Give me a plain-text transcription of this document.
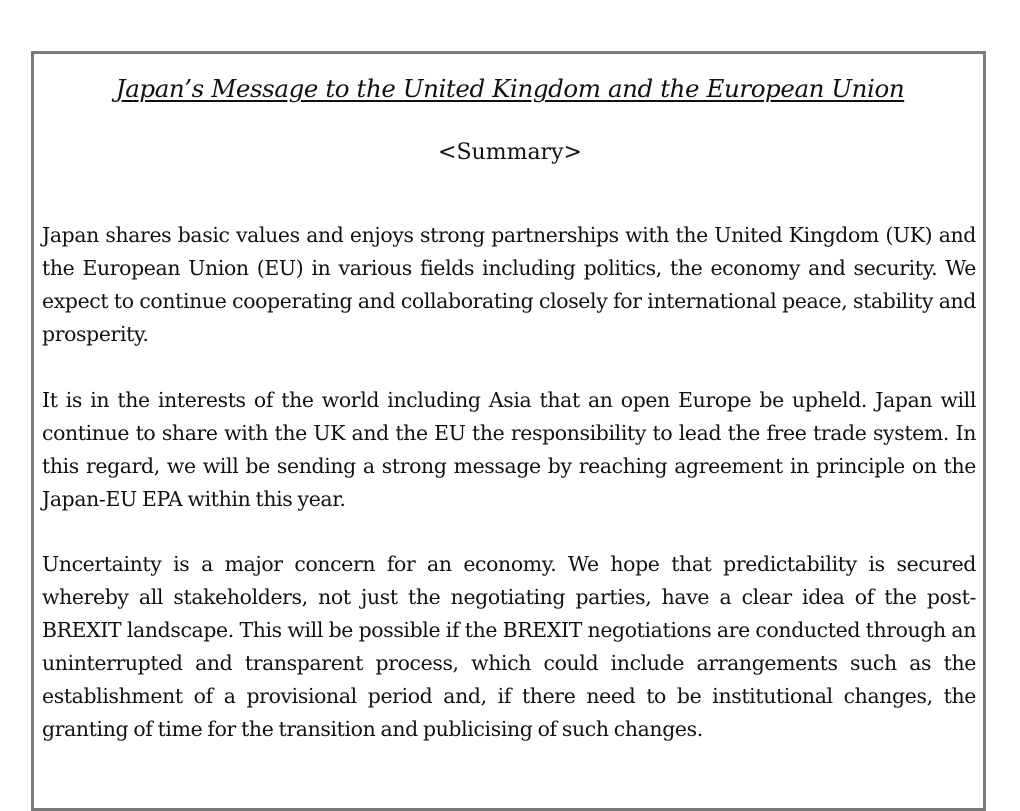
Japan’s Message to the United Kingdom and the European Union
<Summary>

Japan shares basic values and enjoys strong partnerships with the United Kingdom (UK) and the European Union (EU) in various fields including politics, the economy and security. We expect to continue cooperating and collaborating closely for international peace, stability and prosperity.

It is in the interests of the world including Asia that an open Europe be upheld. Japan will continue to share with the UK and the EU the responsibility to lead the free trade system. In this regard, we will be sending a strong message by reaching agreement in principle on the Japan-EU EPA within this year.

Uncertainty is a major concern for an economy. We hope that predictability is secured whereby all stakeholders, not just the negotiating parties, have a clear idea of the post-BREXIT landscape. This will be possible if the BREXIT negotiations are conducted through an uninterrupted and transparent process, which could include arrangements such as the establishment of a provisional period and, if there need to be institutional changes, the granting of time for the transition and publicising of such changes.
